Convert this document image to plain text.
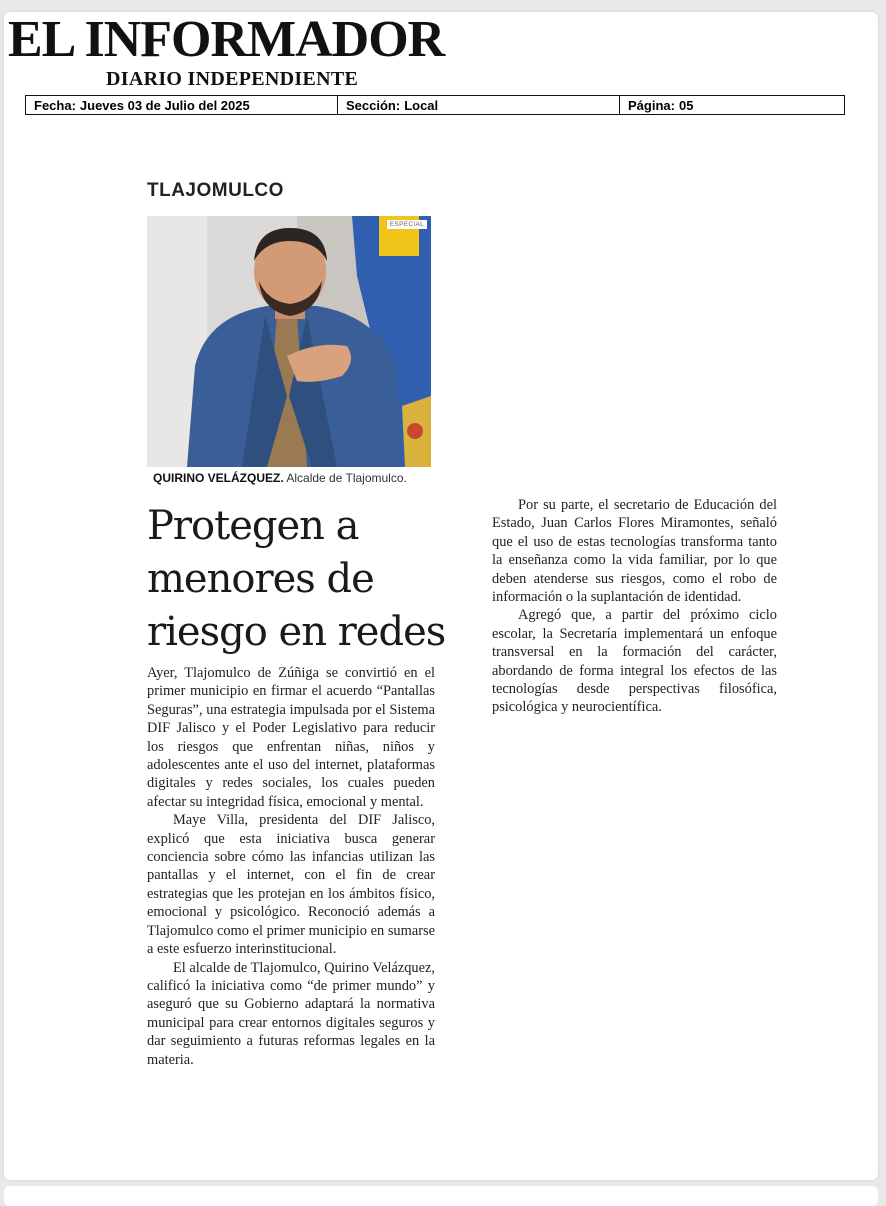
EL INFORMADOR
DIARIO INDEPENDIENTE
Fecha: Jueves 03 de Julio del 2025	Sección: Local	Página: 05
TLAJOMULCO
ESPECIAL
QUIRINO VELÁZQUEZ. Alcalde de Tlajomulco.
Protegen a
menores de
riesgo en redes

Ayer, Tlajomulco de Zúñiga se convirtió en el primer municipio en firmar el acuerdo “Pantallas Seguras”, una estrategia impulsada por el Sistema DIF Jalisco y el Poder Legislativo para reducir los riesgos que enfrentan niñas, niños y adolescentes ante el uso del internet, plataformas digitales y redes sociales, los cuales pueden afectar su integridad física, emocional y mental.

Maye Villa, presidenta del DIF Jalisco, explicó que esta iniciativa busca generar conciencia sobre cómo las infancias utilizan las pantallas y el internet, con el fin de crear estrategias que les protejan en los ámbitos físico, emocional y psicológico. Reconoció además a Tlajomulco como el primer municipio en sumarse a este esfuerzo interinstitucional.

El alcalde de Tlajomulco, Quirino Velázquez, calificó la iniciativa como “de primer mundo” y aseguró que su Gobierno adaptará la normativa municipal para crear entornos digitales seguros y dar seguimiento a futuras reformas legales en la materia.

Por su parte, el secretario de Educación del Estado, Juan Carlos Flores Miramontes, señaló que el uso de estas tecnologías transforma tanto la enseñanza como la vida familiar, por lo que deben atenderse sus riesgos, como el robo de información o la suplantación de identidad.

Agregó que, a partir del próximo ciclo escolar, la Secretaría implementará un enfoque transversal en la formación del carácter, abordando de forma integral los efectos de las tecnologías desde perspectivas filosófica, psicológica y neurocientífica.
